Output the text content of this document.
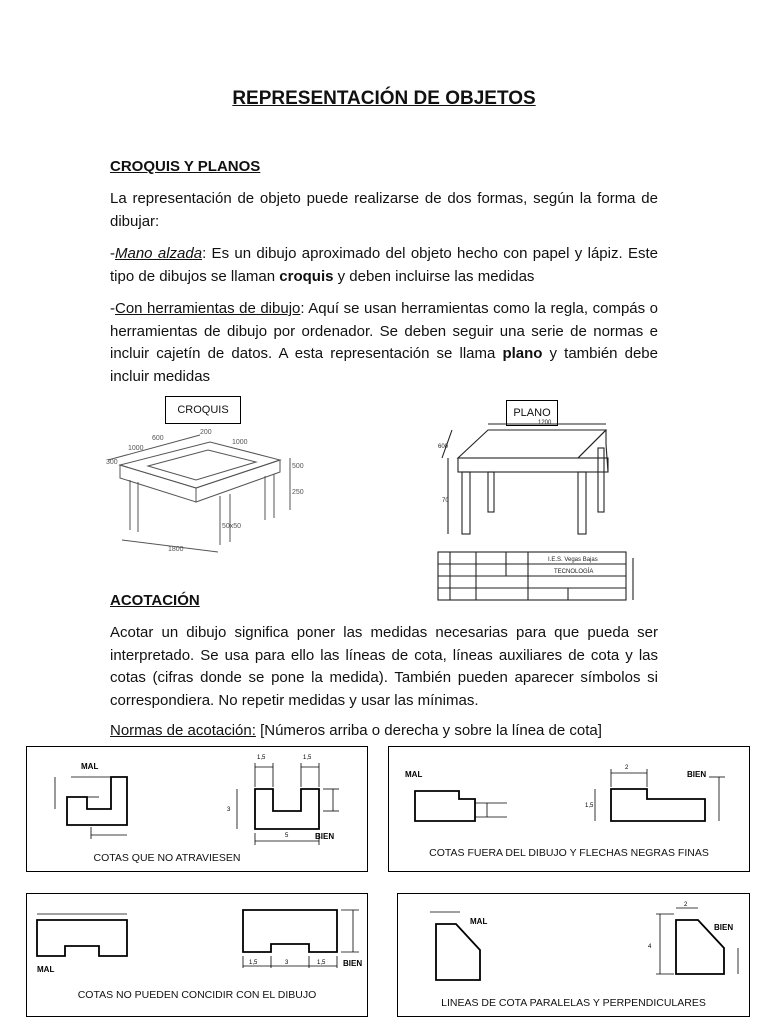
REPRESENTACIÓN DE OBJETOS
CROQUIS Y PLANOS
La representación de objeto puede realizarse de dos formas, según la forma de dibujar:
-Mano alzada: Es un dibujo aproximado del objeto hecho con papel y lápiz. Este tipo de dibujos se llaman croquis y deben incluirse las medidas
-Con herramientas de dibujo: Aquí se usan herramientas como la regla, compás o herramientas de dibujo por ordenador. Se deben seguir una serie de normas e incluir cajetín de datos. A esta representación se llama plano y también debe incluir medidas
CROQUIS	PLANO
300
1000
600
200
1000
500
250
50x50
1800
1200
600
70
I.E.S. Vegas Bajas
TECNOLOGÍA
ACOTACIÓN
Acotar un dibujo significa poner las medidas necesarias para que pueda ser interpretado. Se usa para ello las líneas de cota, líneas auxiliares de cota y las cotas (cifras donde se pone la medida). También pueden aparecer símbolos si correspondiera. No repetir medidas y usar las mínimas.
Normas de acotación: [Números arriba o derecha y sobre la línea de cota]
MAL
BIEN
1,5	1,5
3
5
COTAS QUE NO ATRAVIESEN
MAL	BIEN
2
1,5
COTAS FUERA DEL DIBUJO Y FLECHAS NEGRAS FINAS
MAL
BIEN
1,5	3	1,5
COTAS NO PUEDEN CONCIDIR CON EL DIBUJO
MAL
BIEN
2
4
LINEAS DE COTA PARALELAS Y PERPENDICULARES
